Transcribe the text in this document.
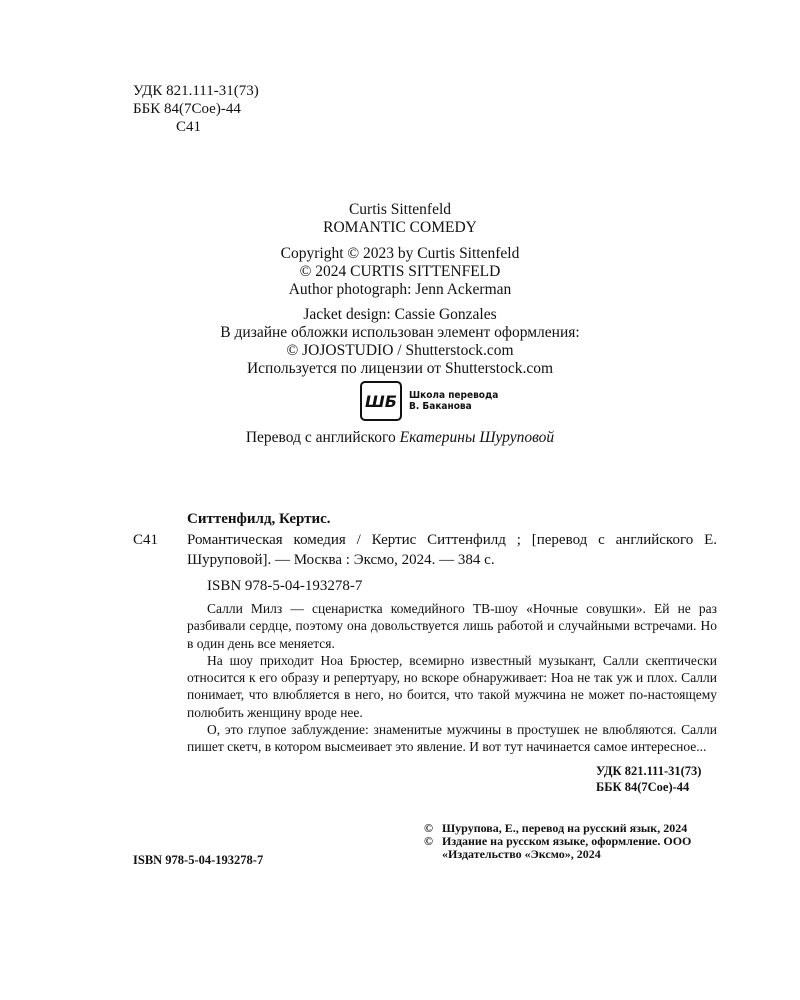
УДК 821.111-31(73)
ББК 84(7Сое)-44
С41
Curtis Sittenfeld
ROMANTIC COMEDY
Copyright © 2023 by Curtis Sittenfeld
© 2024 CURTIS SITTENFELD
Author photograph: Jenn Ackerman
Jacket design: Cassie Gonzales
В дизайне обложки использован элемент оформления:
© JOJOSTUDIO / Shutterstock.com
Используется по лицензии от Shutterstock.com
ШБ Школа перевода
В. Баканова
Перевод с английского Екатерины Шуруповой
Ситтенфилд, Кертис.
С41 Романтическая комедия / Кертис Ситтенфилд ; [перевод с английского Е. Шуруповой]. — Москва : Эксмо, 2024. — 384 с.
ISBN 978-5-04-193278-7

Салли Милз — сценаристка комедийного ТВ-шоу «Ночные совушки». Ей не раз разбивали сердце, поэтому она довольствуется лишь работой и случайными встречами. Но в один день все меняется.

На шоу приходит Ноа Брюстер, всемирно известный музыкант, Салли скептически относится к его образу и репертуару, но вскоре обнаруживает: Ноа не так уж и плох. Салли понимает, что влюбляется в него, но боится, что такой мужчина не может по-настоящему полюбить женщину вроде нее.

О, это глупое заблуждение: знаменитые мужчины в простушек не влюбляются. Салли пишет скетч, в котором высмеивает это явление. И вот тут начинается самое интересное...

УДК 821.111-31(73)
ББК 84(7Сое)-44
© Шурупова, Е., перевод на русский язык, 2024
© Издание на русском языке, оформление. ООО «Издательство «Эксмо», 2024
ISBN 978-5-04-193278-7
